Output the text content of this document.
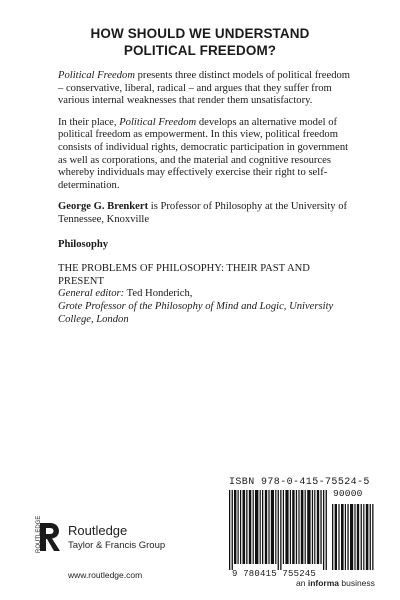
HOW SHOULD WE UNDERSTAND
POLITICAL FREEDOM?

Political Freedom presents three distinct models of political freedom – conservative, liberal, radical – and argues that they suffer from various internal weaknesses that render them unsatisfactory.

In their place, Political Freedom develops an alternative model of political freedom as empowerment. In this view, political freedom consists of individual rights, democratic participation in government as well as corporations, and the material and cognitive resources whereby individuals may effectively exercise their right to self-determination.

George G. Brenkert is Professor of Philosophy at the University of Tennessee, Knoxville

Philosophy

THE PROBLEMS OF PHILOSOPHY: THEIR PAST AND PRESENT
General editor: Ted Honderich,
Grote Professor of the Philosophy of Mind and Logic, University College, London
ISBN 978-0-415-75524-5
90000
9 780415 755245
ROUTLEDGE Routledge
Taylor & Francis Group
www.routledge.com
an informa business
